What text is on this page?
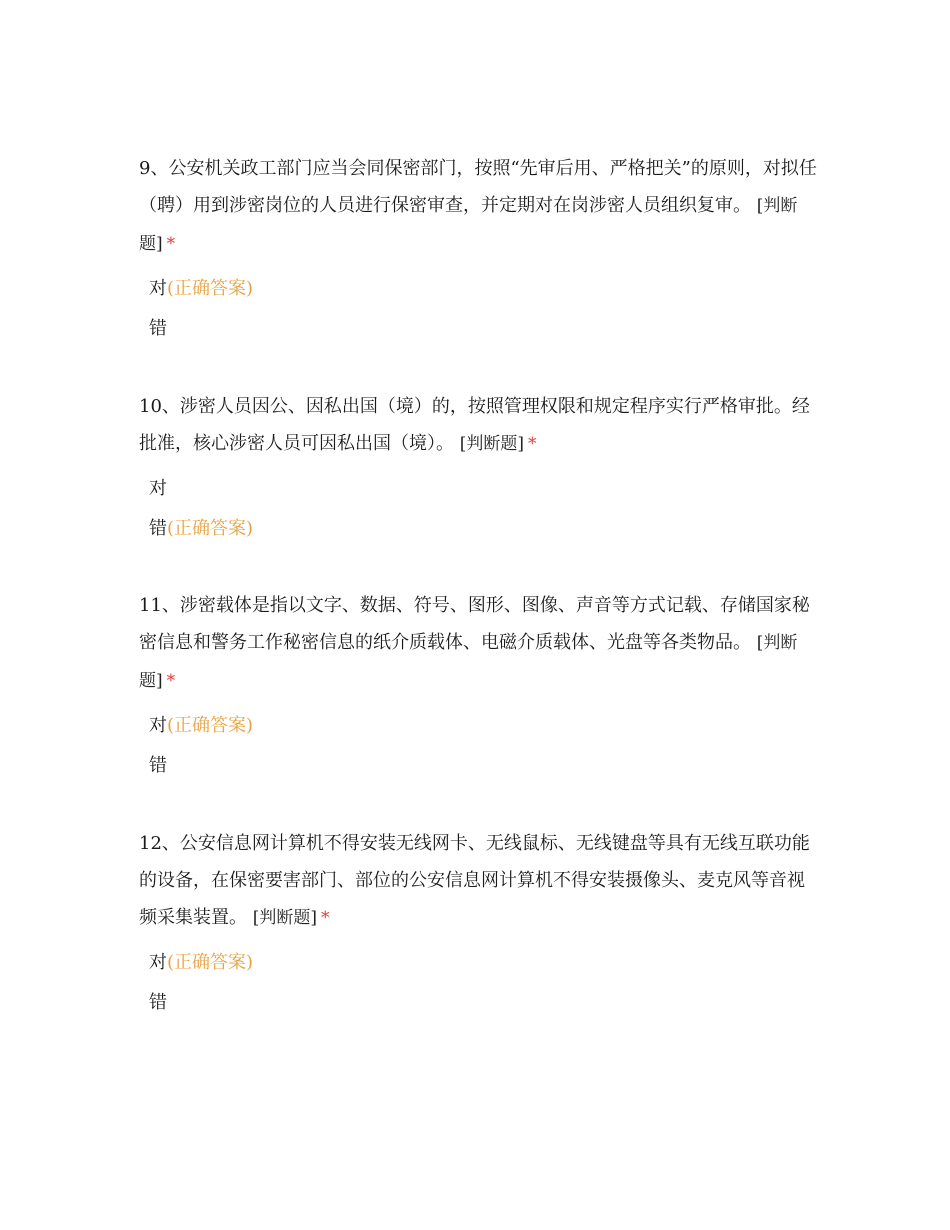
9、公安机关政工部门应当会同保密部门，按照“先审后用、严格把关”的原则，对拟任（聘）用到涉密岗位的人员进行保密审查，并定期对在岗涉密人员组织复审。 [判断题] *

对(正确答案)
错

10、涉密人员因公、因私出国（境）的，按照管理权限和规定程序实行严格审批。经批准，核心涉密人员可因私出国（境）。 [判断题] *

对
错(正确答案)

11、涉密载体是指以文字、数据、符号、图形、图像、声音等方式记载、存储国家秘密信息和警务工作秘密信息的纸介质载体、电磁介质载体、光盘等各类物品。 [判断题] *

对(正确答案)
错

12、公安信息网计算机不得安装无线网卡、无线鼠标、无线键盘等具有无线互联功能的设备，在保密要害部门、部位的公安信息网计算机不得安装摄像头、麦克风等音视频采集装置。 [判断题] *

对(正确答案)
错
